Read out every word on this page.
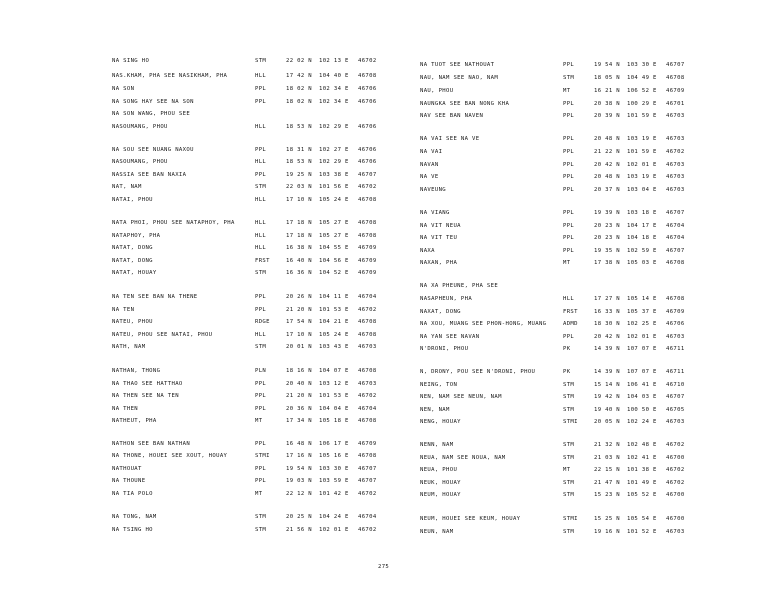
NA SING HO	STM	22 02 N 102 13 E 46702
NAS.KHAM, PHA SEE NASIKHAM, PHA	HLL	17 42 N 104 40 E 46708
NA SON	PPL	18 02 N 102 34 E 46706
NA SONG HAY SEE NA SON	PPL	18 02 N 102 34 E 46706
NA SON WANG, PHOU SEE
NASOUMANG, PHOU	HLL	18 53 N 102 29 E 46706
NA SOU SEE NUANG NAXOU	PPL	18 31 N 102 27 E 46706
NASOUMANG, PHOU	HLL	18 53 N 102 29 E 46706
NASSIA SEE BAN NAXIA	PPL	19 25 N 103 38 E 46707
NAT, NAM	STM	22 03 N 101 56 E 46702
NATAI, PHOU	HLL	17 10 N 105 24 E 46708
NATA PHOI, PHOU SEE NATAPHOY, PHA	HLL	17 18 N 105 27 E 46708
NATAPHOY, PHA	HLL	17 18 N 105 27 E 46708
NATAT, DONG	HLL	16 38 N 104 55 E 46709
NATAT, DONG	FRST	16 40 N 104 56 E 46709
NATAT, HOUAY	STM	16 36 N 104 52 E 46709
NA TEN SEE BAN NA THENE	PPL	20 26 N 104 11 E 46704
NA TEN	PPL	21 20 N 101 53 E 46702
NATEU, PHOU	RDGE	17 54 N 104 21 E 46708
NATEU, PHOU SEE NATAI, PHOU	HLL	17 10 N 105 24 E 46708
NATH, NAM	STM	20 01 N 103 43 E 46703
NATHAN, THONG	PLN	18 16 N 104 07 E 46708
NA THAO SEE HATTHAO	PPL	20 40 N 103 12 E 46703
NA THEN SEE NA TEN	PPL	21 20 N 101 53 E 46702
NA THEN	PPL	20 36 N 104 04 E 46704
NATHEUT, PHA	MT	17 34 N 105 18 E 46708
NATHON SEE BAN NATHAN	PPL	16 48 N 106 17 E 46709
NA THONE, HOUEI SEE XOUT, HOUAY	STMI	17 16 N 105 16 E 46708
NATHOUAT	PPL	19 54 N 103 30 E 46707
NA THOUNE	PPL	19 03 N 103 59 E 46707
NA TIA POLO	MT	22 12 N 101 42 E 46702
NA TONG, NAM	STM	20 25 N 104 24 E 46704
NA TSING HO	STM	21 56 N 102 01 E 46702
NA TUOT SEE NATHOUAT	PPL	19 54 N 103 30 E 46707
NAU, NAM SEE NAO, NAM	STM	18 05 N 104 49 E 46708
NAU, PHOU	MT	16 21 N 106 52 E 46709
NAUNGKA SEE BAN NONG KHA	PPL	20 38 N 100 29 E 46701
NAV SEE BAN NAVEN	PPL	20 39 N 101 59 E 46703
NA VAI SEE NA VE	PPL	20 48 N 103 19 E 46703
NA VAI	PPL	21 22 N 101 59 E 46702
NAVAN	PPL	20 42 N 102 01 E 46703
NA VE	PPL	20 48 N 103 19 E 46703
NAVEUNG	PPL	20 37 N 103 04 E 46703
NA VIANG	PPL	19 39 N 103 18 E 46707
NA VIT NEUA	PPL	20 23 N 104 17 E 46704
NA VIT TEU	PPL	20 23 N 104 18 E 46704
NAXA	PPL	19 35 N 102 59 E 46707
NAXAN, PHA	MT	17 38 N 105 03 E 46708
NA XA PHEUNE, PHA SEE
NASAPHEUN, PHA	HLL	17 27 N 105 14 E 46708
NAXAT, DONG	FRST	16 33 N 105 37 E 46709
NA XOU, MUANG SEE PHON-HONG, MUANG	ADMD	18 30 N 102 25 E 46706
NA YAN SEE NAVAN	PPL	20 42 N 102 01 E 46703
N'DRONI, PHOU	PK	14 39 N 107 07 E 46711
N, DRONY, POU SEE N'DRONI, PHOU	PK	14 39 N 107 07 E 46711
NEING, TON	STM	15 14 N 106 41 E 46710
NEN, NAM SEE NEUN, NAM	STM	19 42 N 104 03 E 46707
NEN, NAM	STM	19 40 N 100 50 E 46705
NENG, HOUAY	STMI	20 05 N 102 24 E 46703
NENN, NAM	STM	21 32 N 102 48 E 46702
NEUA, NAM SEE NOUA, NAM	STM	21 03 N 102 41 E 46700
NEUA, PHOU	MT	22 15 N 101 38 E 46702
NEUK, HOUAY	STM	21 47 N 101 49 E 46702
NEUM, HOUAY	STM	15 23 N 105 52 E 46700
NEUM, HOUEI SEE KEUM, HOUAY	STMI	15 25 N 105 54 E 46700
NEUN, NAM	STM	19 16 N 101 52 E 46703
275
